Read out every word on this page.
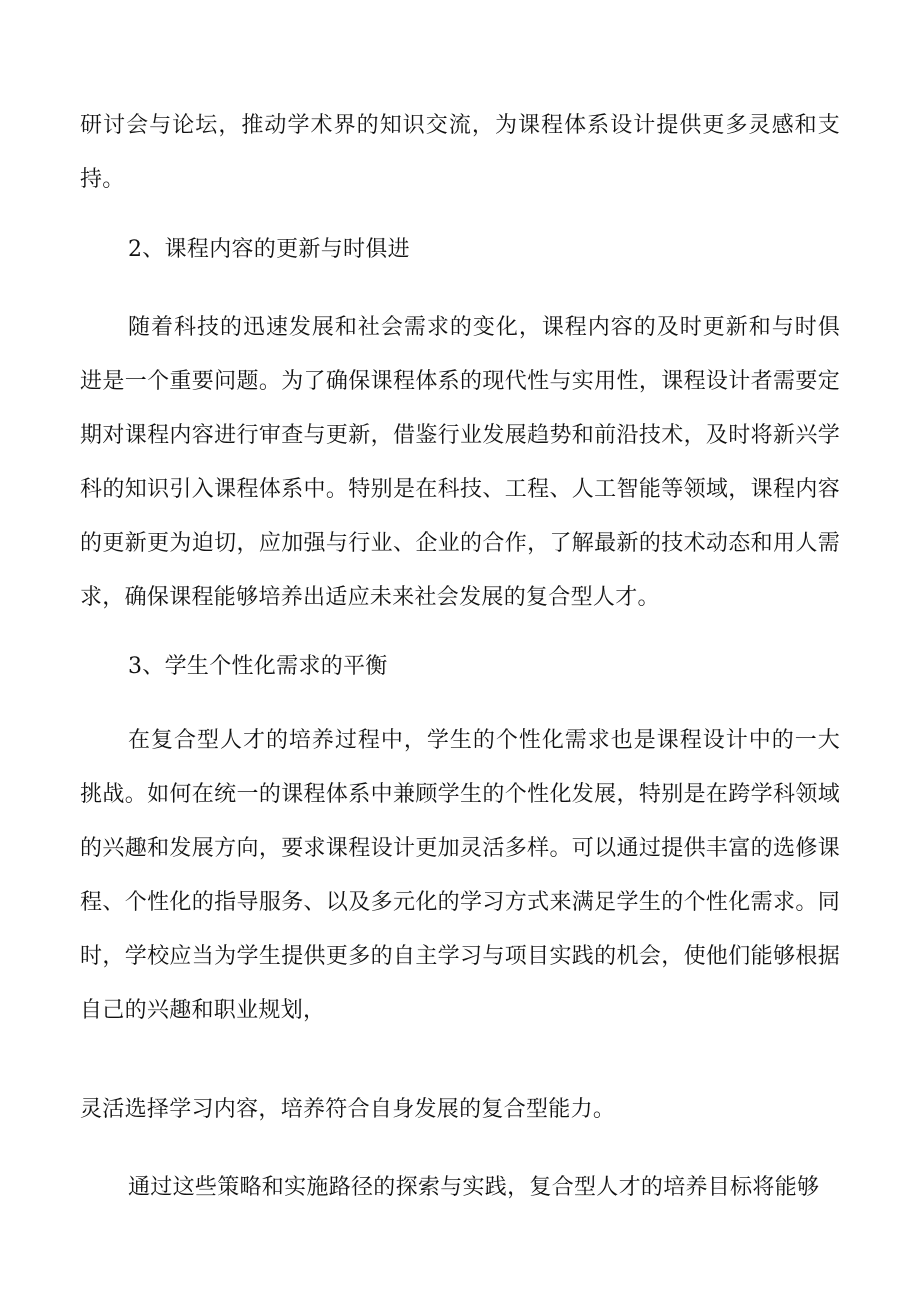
研讨会与论坛，推动学术界的知识交流，为课程体系设计提供更多灵感和支持。

2、课程内容的更新与时俱进

随着科技的迅速发展和社会需求的变化，课程内容的及时更新和与时俱进是一个重要问题。为了确保课程体系的现代性与实用性，课程设计者需要定期对课程内容进行审查与更新，借鉴行业发展趋势和前沿技术，及时将新兴学科的知识引入课程体系中。特别是在科技、工程、人工智能等领域，课程内容的更新更为迫切，应加强与行业、企业的合作，了解最新的技术动态和用人需求，确保课程能够培养出适应未来社会发展的复合型人才。

3、学生个性化需求的平衡

在复合型人才的培养过程中，学生的个性化需求也是课程设计中的一大挑战。如何在统一的课程体系中兼顾学生的个性化发展，特别是在跨学科领域的兴趣和发展方向，要求课程设计更加灵活多样。可以通过提供丰富的选修课程、个性化的指导服务、以及多元化的学习方式来满足学生的个性化需求。同时，学校应当为学生提供更多的自主学习与项目实践的机会，使他们能够根据自己的兴趣和职业规划，

灵活选择学习内容，培养符合自身发展的复合型能力。

通过这些策略和实施路径的探索与实践，复合型人才的培养目标将能够
